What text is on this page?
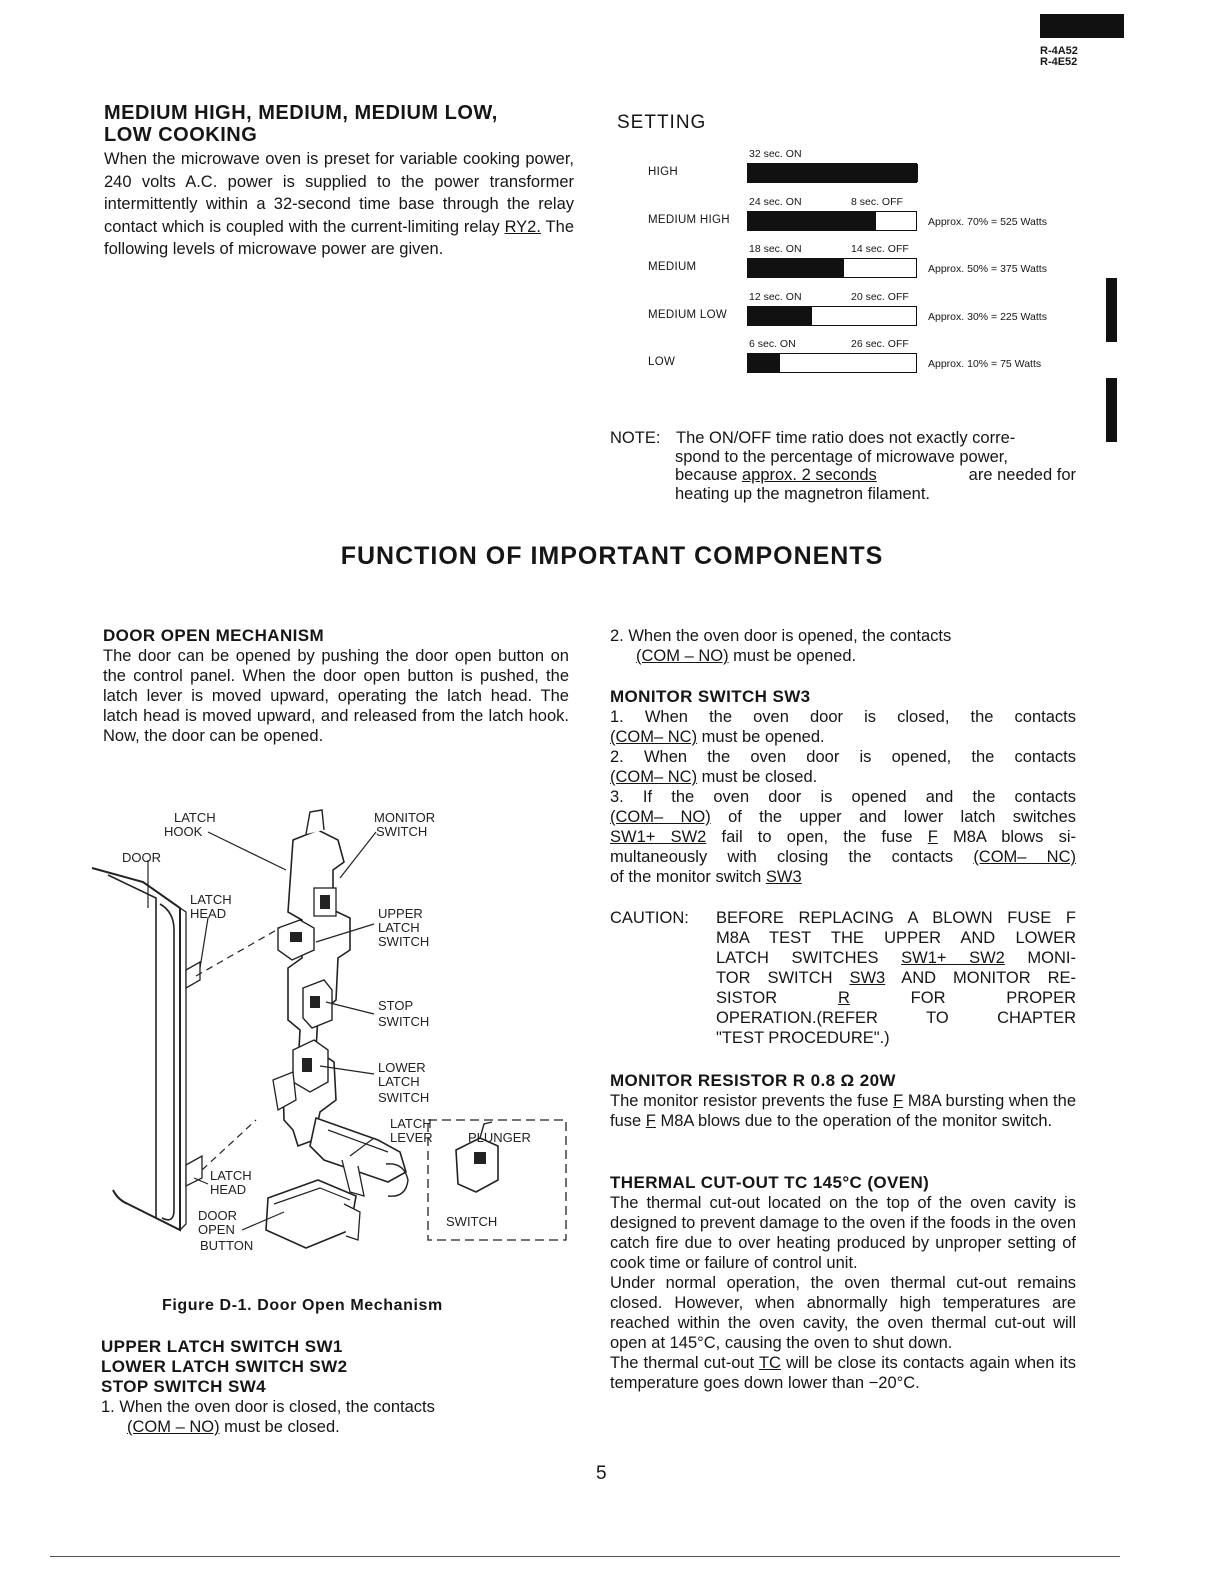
R-4A52
R-4E52
MEDIUM HIGH, MEDIUM, MEDIUM LOW,
LOW COOKING

When the microwave oven is preset for variable cooking power, 240 volts A.C. power is supplied to the power transformer intermittently within a 32-second time base through the relay contact which is coupled with the current-limiting relay RY2. The following levels of microwave power are given.

SETTING
HIGH
32 sec. ON
MEDIUM HIGH
24 sec. ON	8 sec. OFF
Approx. 70% = 525 Watts
MEDIUM
18 sec. ON	14 sec. OFF
Approx. 50% = 375 Watts
MEDIUM LOW
12 sec. ON	20 sec. OFF
Approx. 30% = 225 Watts
LOW
6 sec. ON	26 sec. OFF
Approx. 10% = 75 Watts
NOTE: The ON/OFF time ratio does not exactly corre-
spond to the percentage of microwave power,
because approx. 2 seconds	are needed for
heating up the magnetron filament.
FUNCTION OF IMPORTANT COMPONENTS
DOOR OPEN MECHANISM

The door can be opened by pushing the door open button on the control panel. When the door open button is pushed, the latch lever is moved upward, operating the latch head. The latch head is moved upward, and released from the latch hook. Now, the door can be opened.

LATCH
HOOK
MONITOR
SWITCH
DOOR
LATCH
HEAD	UPPER
LATCH
SWITCH
STOP
SWITCH
LOWER
LATCH
SWITCH
LATCH
LEVER	PLUNGER
LATCH
HEAD
DOOR
OPEN
BUTTON
SWITCH
Figure D-1. Door Open Mechanism
UPPER LATCH SWITCH SW1
LOWER LATCH SWITCH SW2
STOP SWITCH SW4
1. When the oven door is closed, the contacts
(COM – NO) must be closed.
2. When the oven door is opened, the contacts
(COM – NO) must be opened.
MONITOR SWITCH SW3
1. When the oven door is closed, the contacts
(COM– NC) must be opened.
2. When the oven door is opened, the contacts
(COM– NC) must be closed.
3. If the oven door is opened and the contacts
(COM– NO) of the upper and lower latch switches
SW1+ SW2 fail to open, the fuse F M8A blows si-
multaneously with closing the contacts (COM– NC)
of the monitor switch SW3
CAUTION:	BEFORE REPLACING A BLOWN FUSE F
M8A TEST THE UPPER AND LOWER
LATCH SWITCHES SW1+ SW2 MONI-
TOR SWITCH SW3 AND MONITOR RE-
SISTOR R FOR PROPER
OPERATION.(REFER TO CHAPTER
"TEST PROCEDURE".)
MONITOR RESISTOR R 0.8 Ω 20W

The monitor resistor prevents the fuse F M8A bursting when the fuse F M8A blows due to the operation of the monitor switch.

THERMAL CUT-OUT TC 145°C (OVEN)

The thermal cut-out located on the top of the oven cavity is designed to prevent damage to the oven if the foods in the oven catch fire due to over heating produced by unproper setting of cook time or failure of control unit.

Under normal operation, the oven thermal cut-out remains closed. However, when abnormally high temperatures are reached within the oven cavity, the oven thermal cut-out will open at 145°C, causing the oven to shut down.

The thermal cut-out TC will be close its contacts again when its temperature goes down lower than −20°C.

5
